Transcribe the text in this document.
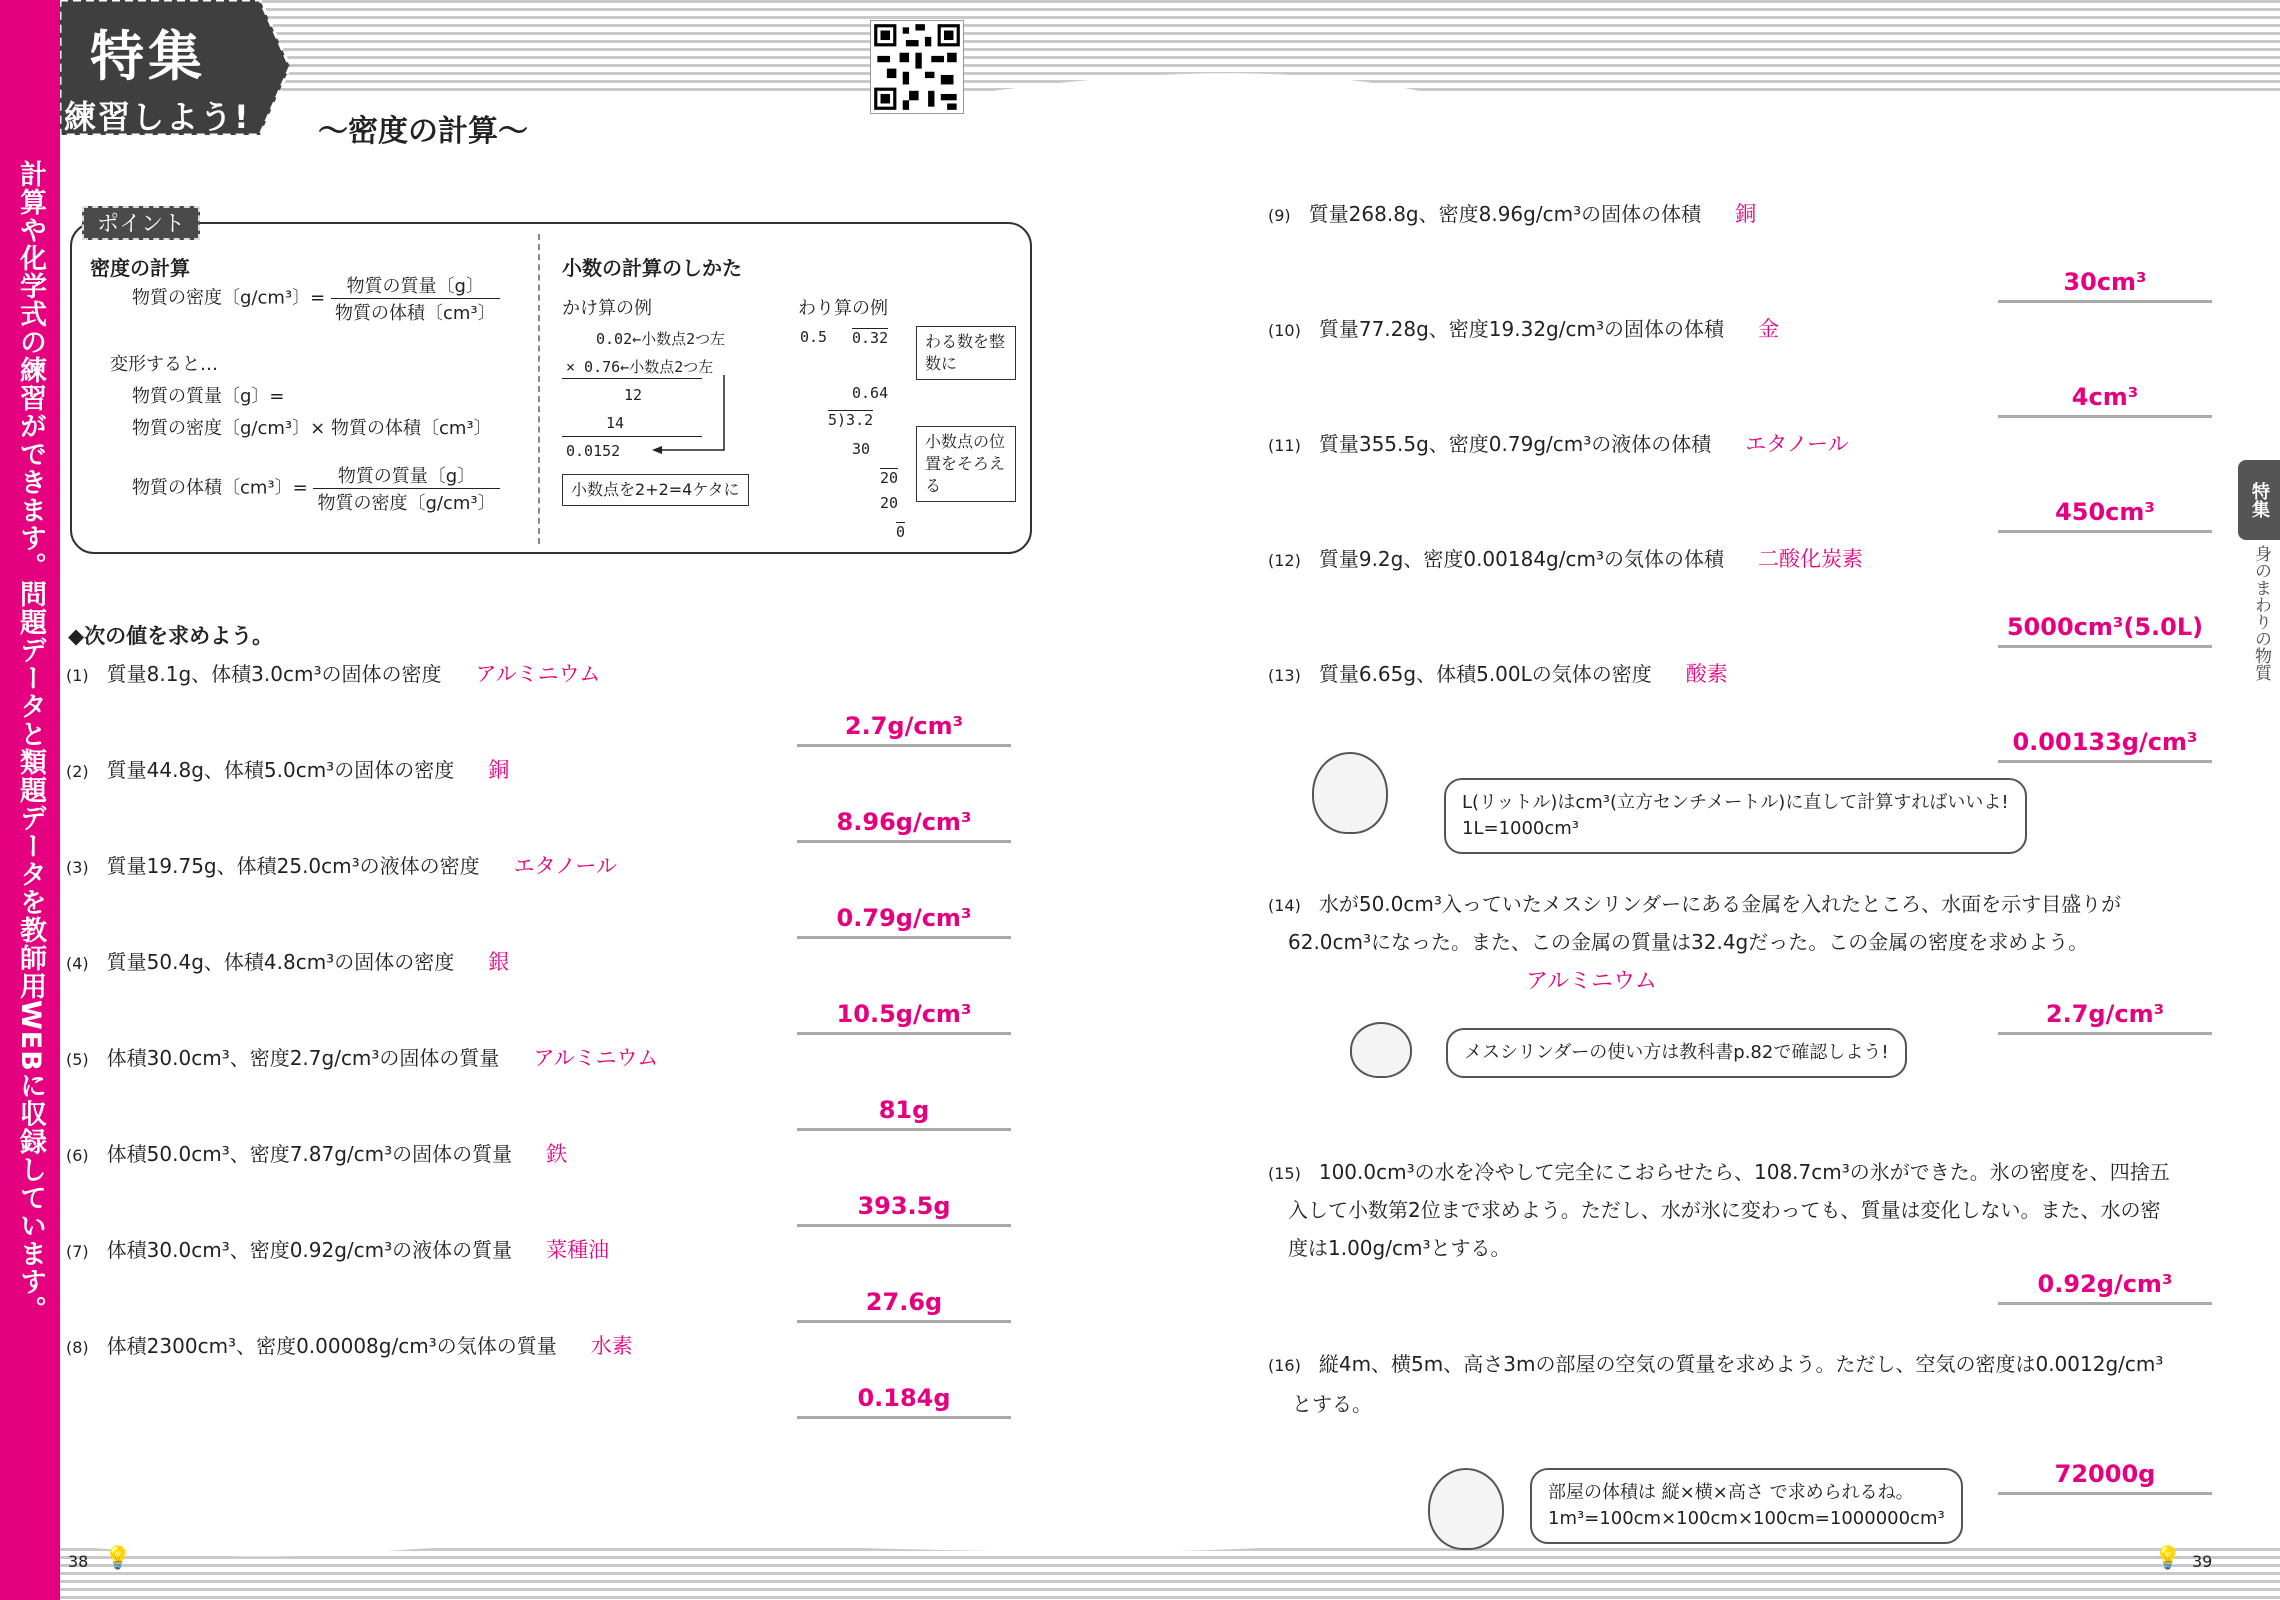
計算や化学式の練習ができます。問題データと類題データを教師用WEBに収録しています。
特集
練習しよう! 〜密度の計算〜
ポイント
密度の計算
物質の密度〔g/cm³〕= $\frac{\text{物質の質量〔g〕}}{\text{物質の体積〔cm³〕}}$
変形すると…
物質の質量〔g〕=
物質の密度〔g/cm³〕× 物質の体積〔cm³〕
物質の体積〔cm³〕= $\frac{\text{物質の質量〔g〕}}{\text{物質の密度〔g/cm³〕}}$
小数の計算のしかた
かけ算の例	わり算の例
0.02←小数点2つ左
× 0.76←小数点2つ左
12
14
0.0152
小数点を2+2=4ケタに
0.5 0.32	わる数を整数に
0.64
5)3.2
30
20
20
0
小数点の位置をそろえる
◆次の値を求めよう。
(1) 質量8.1g、体積3.0cm³の固体の密度 アルミニウム
2.7g/cm³
(2) 質量44.8g、体積5.0cm³の固体の密度 銅
8.96g/cm³
(3) 質量19.75g、体積25.0cm³の液体の密度 エタノール
0.79g/cm³
(4) 質量50.4g、体積4.8cm³の固体の密度 銀
10.5g/cm³
(5) 体積30.0cm³、密度2.7g/cm³の固体の質量 アルミニウム
81g
(6) 体積50.0cm³、密度7.87g/cm³の固体の質量 鉄
393.5g
(7) 体積30.0cm³、密度0.92g/cm³の液体の質量 菜種油
27.6g
(8) 体積2300cm³、密度0.00008g/cm³の気体の質量 水素
0.184g
(9) 質量268.8g、密度8.96g/cm³の固体の体積 銅
30cm³
(10) 質量77.28g、密度19.32g/cm³の固体の体積 金
4cm³
(11) 質量355.5g、密度0.79g/cm³の液体の体積 エタノール
450cm³
(12) 質量9.2g、密度0.00184g/cm³の気体の体積 二酸化炭素
5000cm³(5.0L)
(13) 質量6.65g、体積5.00Lの気体の密度 酸素
0.00133g/cm³
L(リットル)はcm³(立方センチメートル)に直して計算すればいいよ!
1L=1000cm³
(14) 水が50.0cm³入っていたメスシリンダーにある金属を入れたところ、水面を示す目盛りが
62.0cm³になった。また、この金属の質量は32.4gだった。この金属の密度を求めよう。
アルミニウム
2.7g/cm³
メスシリンダーの使い方は教科書p.82で確認しよう!
(15) 100.0cm³の水を冷やして完全にこおらせたら、108.7cm³の氷ができた。氷の密度を、四捨五
入して小数第2位まで求めよう。ただし、水が氷に変わっても、質量は変化しない。また、水の密
度は1.00g/cm³とする。
0.92g/cm³
(16) 縦4m、横5m、高さ3mの部屋の空気の質量を求めよう。ただし、空気の密度は0.0012g/cm³
とする。
72000g
部屋の体積は 縦×横×高さ で求められるね。
1m³=100cm×100cm×100cm=1000000cm³
特集
身のまわりの物質
38 💡	💡 39
